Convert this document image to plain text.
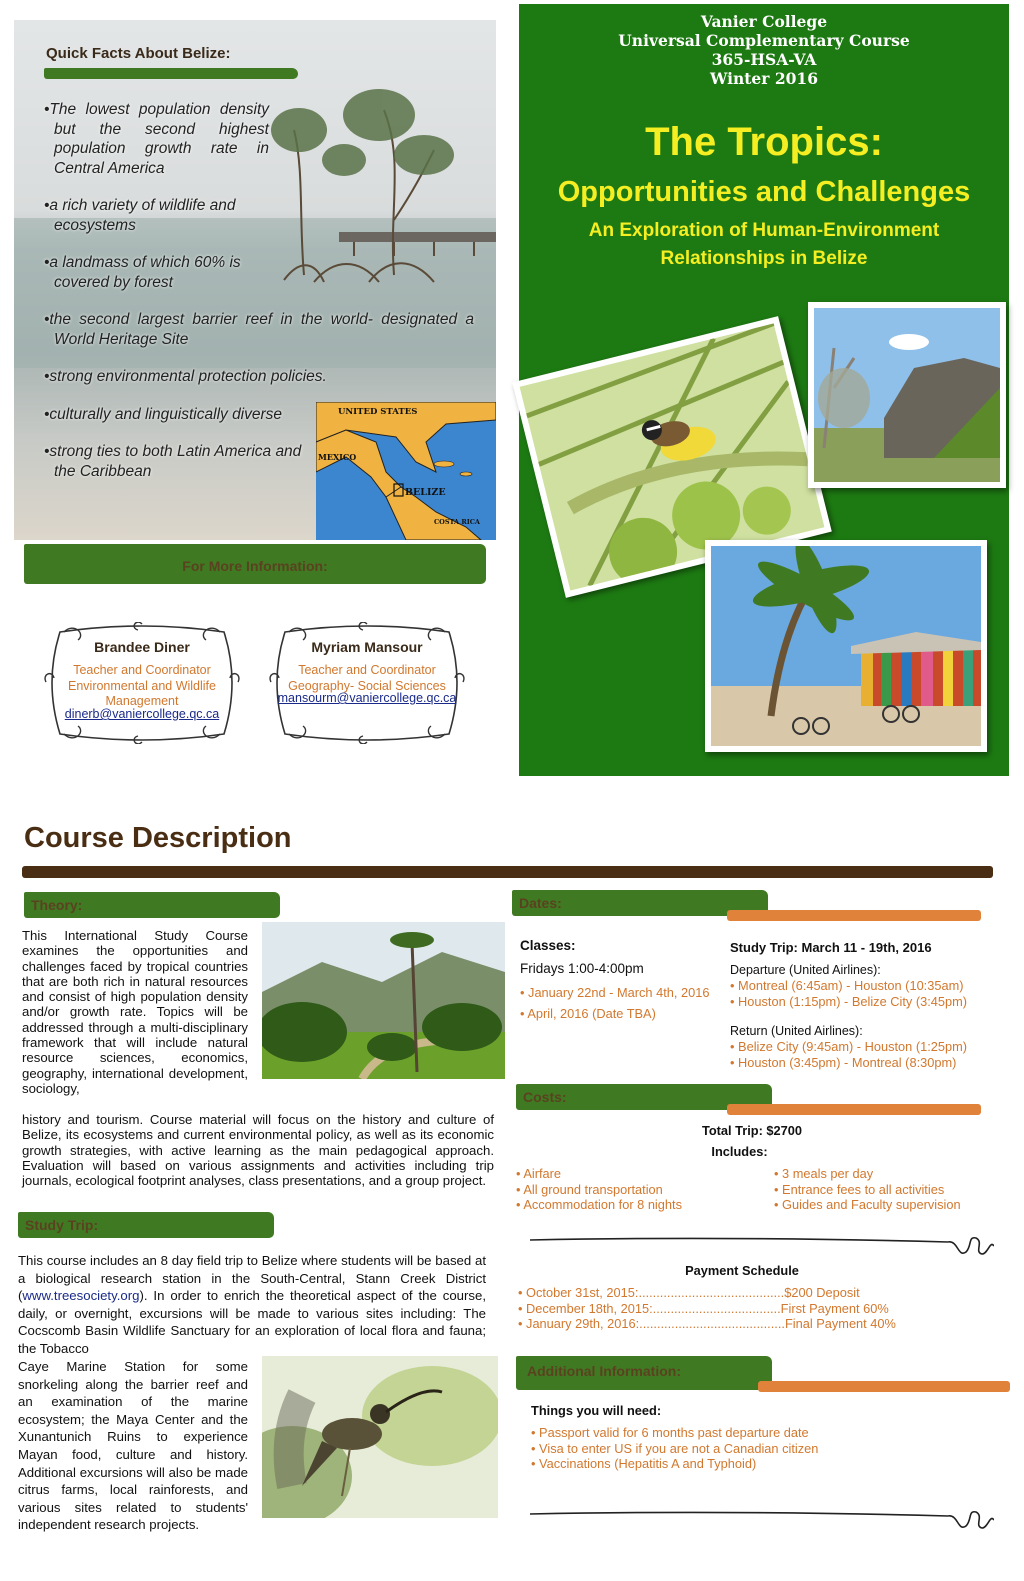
Quick Facts About Belize:
•The lowest population density but the second highest population growth rate in Central America
•a rich variety of wildlife and ecosystems
•a landmass of which 60% is covered by forest
•the second largest barrier reef in the world- designated a World Heritage Site
•strong environmental protection policies.
•culturally and linguistically diverse
•strong ties to both Latin America and the Caribbean
UNITED STATES
MEXICO
BELIZE
COSTA RICA
For More Information:
Brandee Diner
Teacher and Coordinator Environmental and Wildlife Management
dinerb@vaniercollege.qc.ca
Myriam Mansour
Teacher and Coordinator Geography- Social Sciences
mansourm@vaniercollege.qc.ca
Vanier College
Universal Complementary Course
365-HSA-VA
Winter 2016
The Tropics:
Opportunities and Challenges
An Exploration of Human-Environment
Relationships in Belize
Course Description
Theory:
This International Study Course examines the opportunities and challenges faced by tropical countries that are both rich in natural resources and consist of high population density and/or growth rate. Topics will be addressed through a multi-disciplinary framework that will include natural resource sciences, economics, geography, international development, sociology,
history and tourism. Course material will focus on the history and culture of Belize, its ecosystems and current environmental policy, as well as its economic growth strategies, with active learning as the main pedagogical approach. Evaluation will based on various assignments and activities including trip journals, ecological footprint analyses, class presentations, and a group project.
Study Trip:
This course includes an 8 day field trip to Belize where students will be based at a biological research station in the South-Central, Stann Creek District (www.treesociety.org). In order to enrich the theoretical aspect of the course, daily, or overnight, excursions will be made to various sites including: The Cocscomb Basin Wildlife Sanctuary for an exploration of local flora and fauna; the Tobacco
Caye Marine Station for some snorkeling along the barrier reef and an examination of the marine ecosystem; the Maya Center and the Xunantunich Ruins to experience Mayan food, culture and history. Additional excursions will also be made citrus farms, local rainforests, and various sites related to students' independent research projects.
Dates:
Classes:
Fridays 1:00-4:00pm
• January 22nd - March 4th, 2016
• April, 2016 (Date TBA)
Study Trip: March 11 - 19th, 2016
Departure (United Airlines):
• Montreal (6:45am) - Houston (10:35am)
• Houston (1:15pm) - Belize City (3:45pm)
Return (United Airlines):
• Belize City (9:45am) - Houston (1:25pm)
• Houston (3:45pm) - Montreal (8:30pm)
Costs:
Total Trip: $2700
Includes:
• Airfare
• All ground transportation
• Accommodation for 8 nights
• 3 meals per day
• Entrance fees to all activities
• Guides and Faculty supervision
Payment Schedule
• October 31st, 2015:.........................................$200 Deposit
• December 18th, 2015:....................................First Payment 60%
• January 29th, 2016:.........................................Final Payment 40%
Additional Information:
Things you will need:
• Passport valid for 6 months past departure date
• Visa to enter US if you are not a Canadian citizen
• Vaccinations (Hepatitis A and Typhoid)
